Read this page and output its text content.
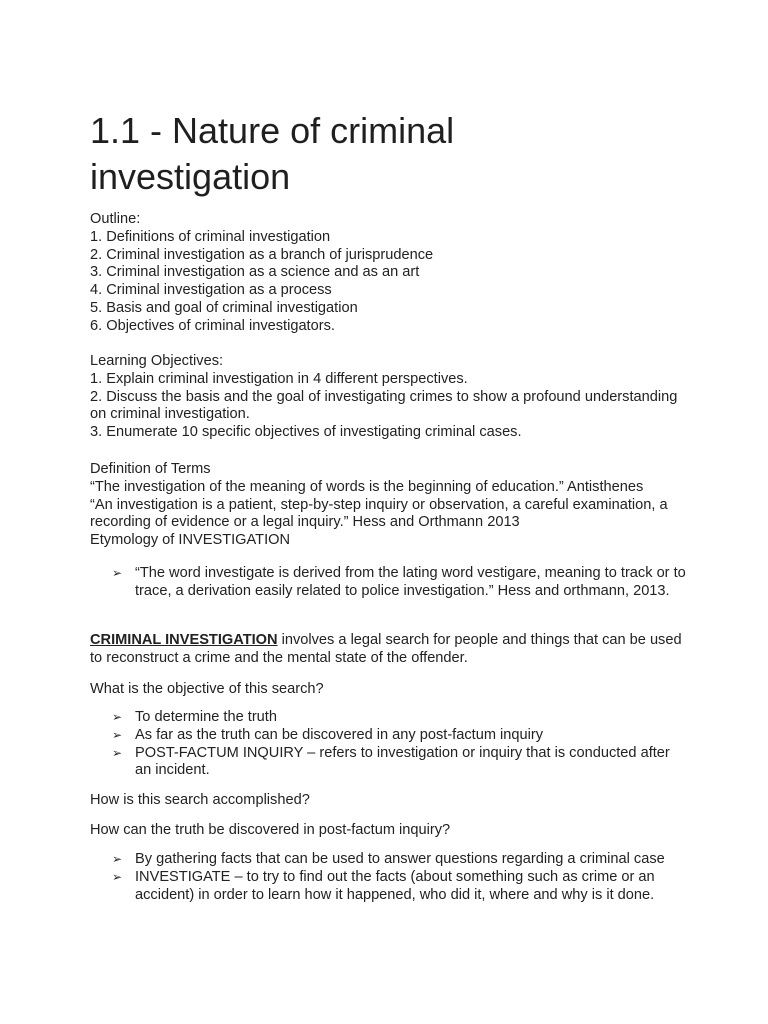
1.1 - Nature of criminal investigation

Outline:

1. Definitions of criminal investigation

2. Criminal investigation as a branch of jurisprudence

3. Criminal investigation as a science and as an art

4. Criminal investigation as a process

5. Basis and goal of criminal investigation

6. Objectives of criminal investigators.

Learning Objectives:

1. Explain criminal investigation in 4 different perspectives.

2. Discuss the basis and the goal of investigating crimes to show a profound understanding on criminal investigation.

3. Enumerate 10 specific objectives of investigating criminal cases.

Definition of Terms

“The investigation of the meaning of words is the beginning of education.” Antisthenes

“An investigation is a patient, step-by-step inquiry or observation, a careful examination, a recording of evidence or a legal inquiry.” Hess and Orthmann 2013

Etymology of INVESTIGATION

➢ “The word investigate is derived from the lating word vestigare, meaning to track or to trace, a derivation easily related to police investigation.” Hess and orthmann, 2013.

CRIMINAL INVESTIGATION involves a legal search for people and things that can be used to reconstruct a crime and the mental state of the offender.

What is the objective of this search?

➢ To determine the truth
➢ As far as the truth can be discovered in any post-factum inquiry
➢ POST-FACTUM INQUIRY – refers to investigation or inquiry that is conducted after an incident.

How is this search accomplished?

How can the truth be discovered in post-factum inquiry?

➢ By gathering facts that can be used to answer questions regarding a criminal case
➢ INVESTIGATE – to try to find out the facts (about something such as crime or an accident) in order to learn how it happened, who did it, where and why is it done.
